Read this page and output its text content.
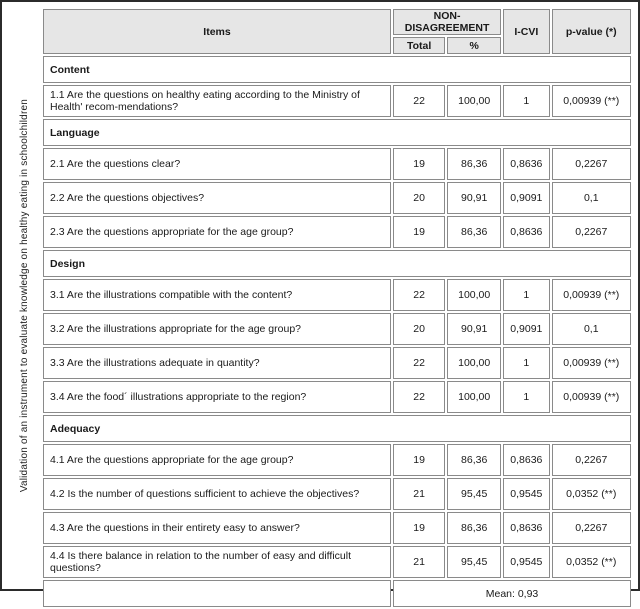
Validation of an instrument to evaluate knowledge on healthy eating in schoolchildren
Items	NON- DISAGREEMENT		I-CVI	p-value (*)
	Total	%		
Content				
1.1 Are the questions on healthy eating according to the Ministry of Health' recom-mendations?	22	100,00	1	0,00939 (**)
Language				
2.1 Are the questions clear?	19	86,36	0,8636	0,2267
2.2 Are the questions objectives?	20	90,91	0,9091	0,1
2.3 Are the questions appropriate for the age group?	19	86,36	0,8636	0,2267
Design				
3.1 Are the illustrations compatible with the content?	22	100,00	1	0,00939 (**)
3.2 Are the illustrations appropriate for the age group?	20	90,91	0,9091	0,1
3.3 Are the illustrations adequate in quantity?	22	100,00	1	0,00939 (**)
3.4 Are the food´ illustrations appropriate to the region?	22	100,00	1	0,00939 (**)
Adequacy				
4.1 Are the questions appropriate for the age group?	19	86,36	0,8636	0,2267
4.2 Is the number of questions sufficient to achieve the objectives?	21	95,45	0,9545	0,0352 (**)
4.3 Are the questions in their entirety easy to answer?	19	86,36	0,8636	0,2267
4.4 Is there balance in relation to the number of easy and difficult questions?	21	95,45	0,9545	0,0352 (**)
	Mean: 0,93			
